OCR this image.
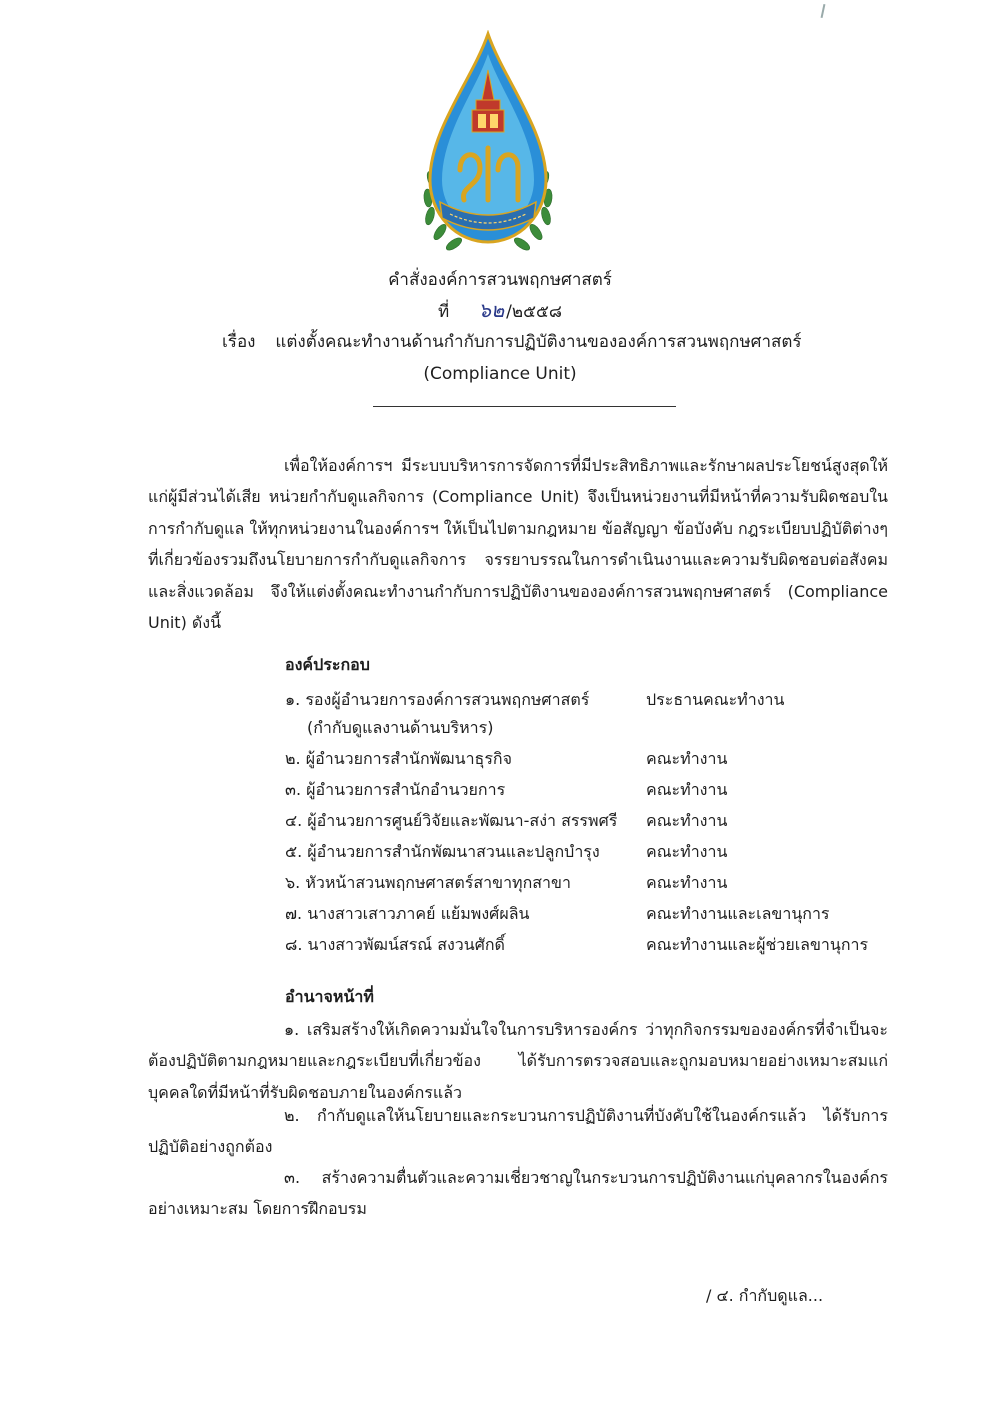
คำสั่งองค์การสวนพฤกษศาสตร์
ที่ ๖๒ /๒๕๕๘
เรื่อง แต่งตั้งคณะทำงานด้านกำกับการปฏิบัติงานขององค์การสวนพฤกษศาสตร์
(Compliance Unit)
เพื่อให้องค์การฯ มีระบบบริหารการจัดการที่มีประสิทธิภาพและรักษาผลประโยชน์สูงสุดให้แก่ผู้มีส่วนได้เสีย หน่วยกำกับดูแลกิจการ (Compliance Unit) จึงเป็นหน่วยงานที่มีหน้าที่ความรับผิดชอบในการกำกับดูแล ให้ทุกหน่วยงานในองค์การฯ ให้เป็นไปตามกฎหมาย ข้อสัญญา ข้อบังคับ กฎระเบียบปฏิบัติต่างๆ ที่เกี่ยวข้องรวมถึงนโยบายการกำกับดูแลกิจการ จรรยาบรรณในการดำเนินงานและความรับผิดชอบต่อสังคมและสิ่งแวดล้อม จึงให้แต่งตั้งคณะทำงานกำกับการปฏิบัติงานขององค์การสวนพฤกษศาสตร์ (Compliance Unit) ดังนี้
องค์ประกอบ
๑. รองผู้อำนวยการองค์การสวนพฤกษศาสตร์	ประธานคณะทำงาน
(กำกับดูแลงานด้านบริหาร)
๒. ผู้อำนวยการสำนักพัฒนาธุรกิจ	คณะทำงาน
๓. ผู้อำนวยการสำนักอำนวยการ	คณะทำงาน
๔. ผู้อำนวยการศูนย์วิจัยและพัฒนา-สง่า สรรพศรี คณะทำงาน
๕. ผู้อำนวยการสำนักพัฒนาสวนและปลูกบำรุง	คณะทำงาน
๖. หัวหน้าสวนพฤกษศาสตร์สาขาทุกสาขา	คณะทำงาน
๗. นางสาวเสาวภาคย์ แย้มพงศ์ผลิน	คณะทำงานและเลขานุการ
๘. นางสาวพัฒน์สรณ์ สงวนศักดิ์	คณะทำงานและผู้ช่วยเลขานุการ
อำนาจหน้าที่
๑. เสริมสร้างให้เกิดความมั่นใจในการบริหารองค์กร ว่าทุกกิจกรรมขององค์กรที่จำเป็นจะต้องปฏิบัติตามกฎหมายและกฎระเบียบที่เกี่ยวข้อง ได้รับการตรวจสอบและถูกมอบหมายอย่างเหมาะสมแก่บุคคลใดที่มีหน้าที่รับผิดชอบภายในองค์กรแล้ว
๒. กำกับดูแลให้นโยบายและกระบวนการปฏิบัติงานที่บังคับใช้ในองค์กรแล้ว ได้รับการปฏิบัติอย่างถูกต้อง
๓. สร้างความตื่นตัวและความเชี่ยวชาญในกระบวนการปฏิบัติงานแก่บุคลากรในองค์กรอย่างเหมาะสม โดยการฝึกอบรม
/ ๔. กำกับดูแล...
